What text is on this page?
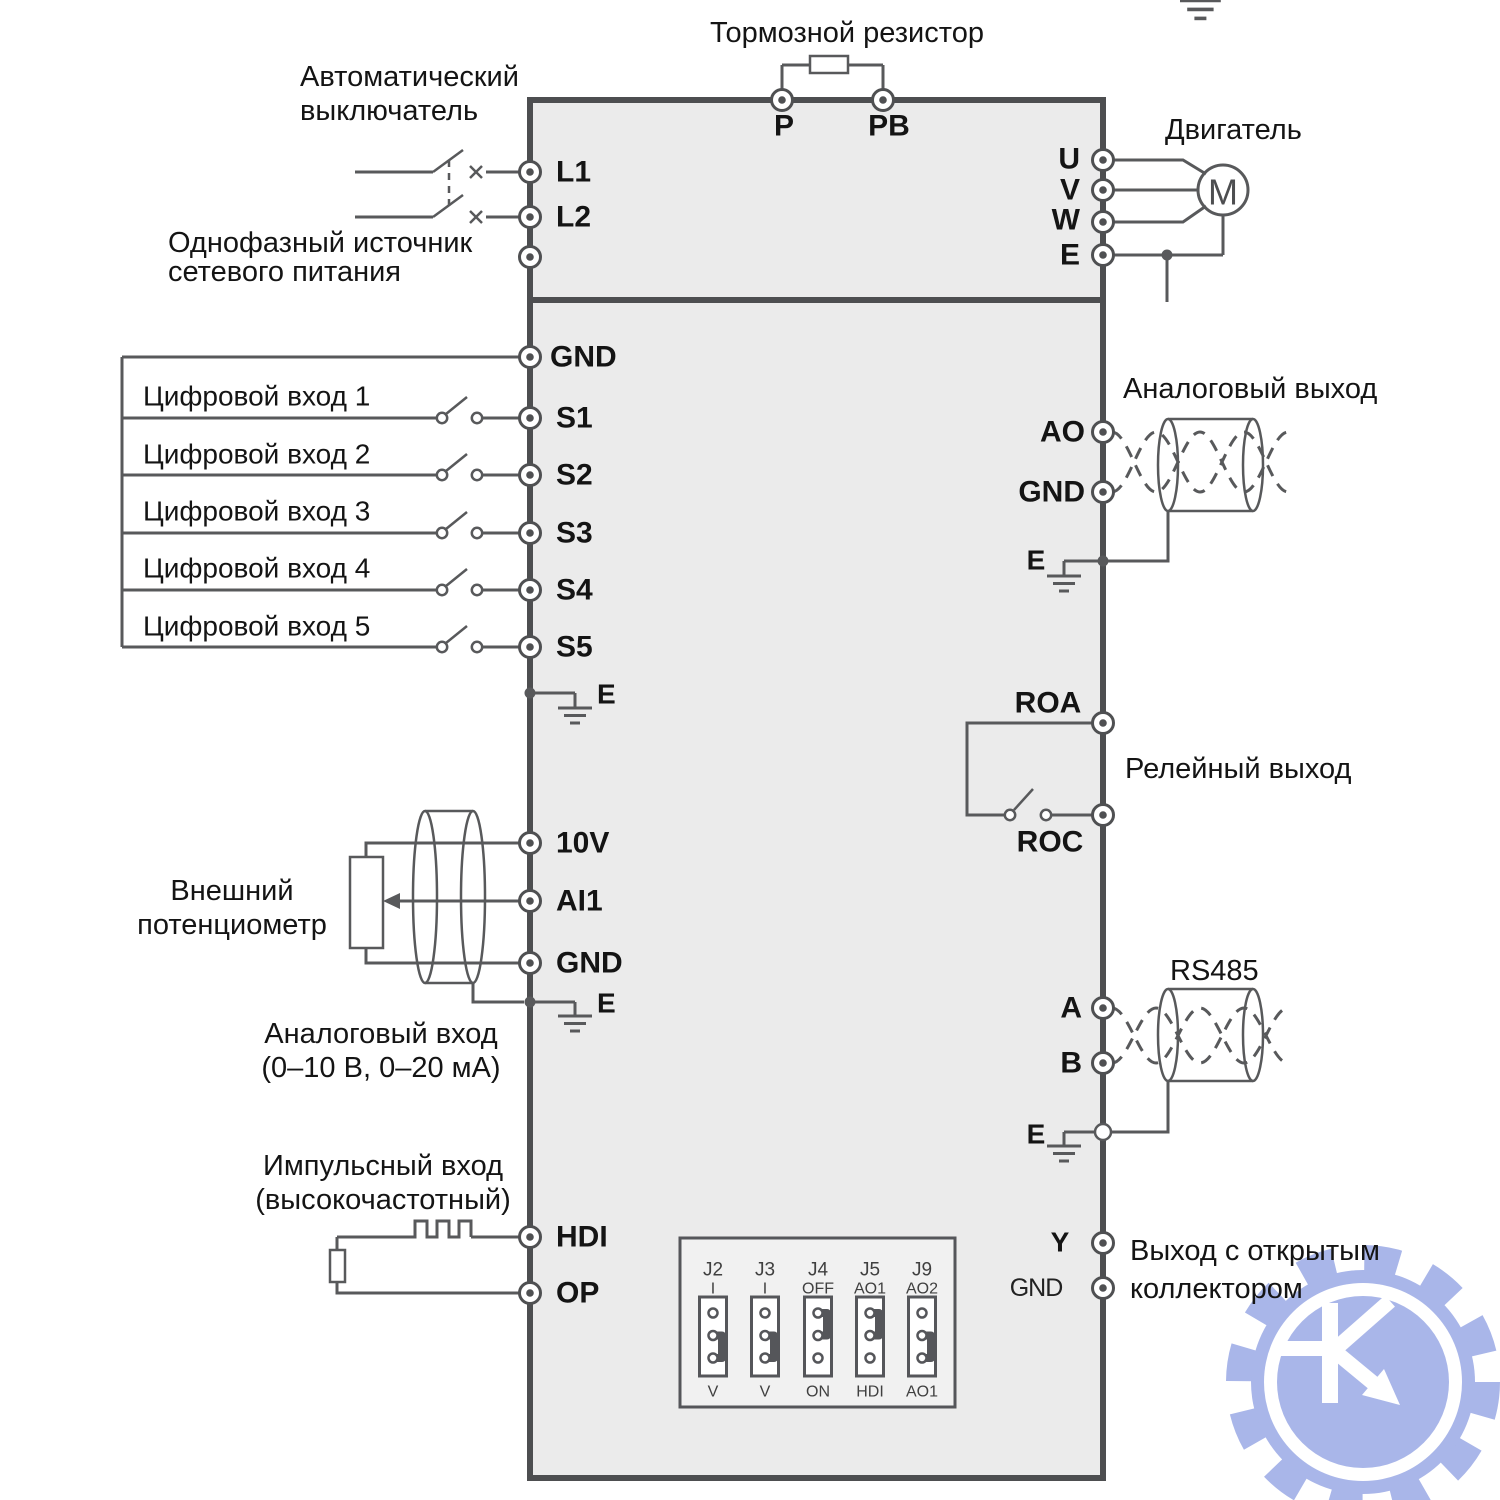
Тормозной резистор
P PB
Автоматический
выключатель
Однофазный источник
сетевого питания
L1
L2
Двигатель
M
U
V
W
E
GND
Цифровой вход 1
Цифровой вход 2
Цифровой вход 3
Цифровой вход 4
Цифровой вход 5
S1
S2
S3
S4
S5
E
Внешний
потенциометр
10V
AI1
GND
E
Аналоговый вход
(0–10 В, 0–20 мА)
Импульсный вход
(высокочастотный)
HDI
OP
Аналоговый выход
AO
GND
E
ROA
ROC
Релейный выход
RS485
A
B
E
Y
GND
Выход с открытым
коллектором
J2 J3 J4 J5 J9
I	I OFF AO1 AO2
V	V ON HDI AO1
